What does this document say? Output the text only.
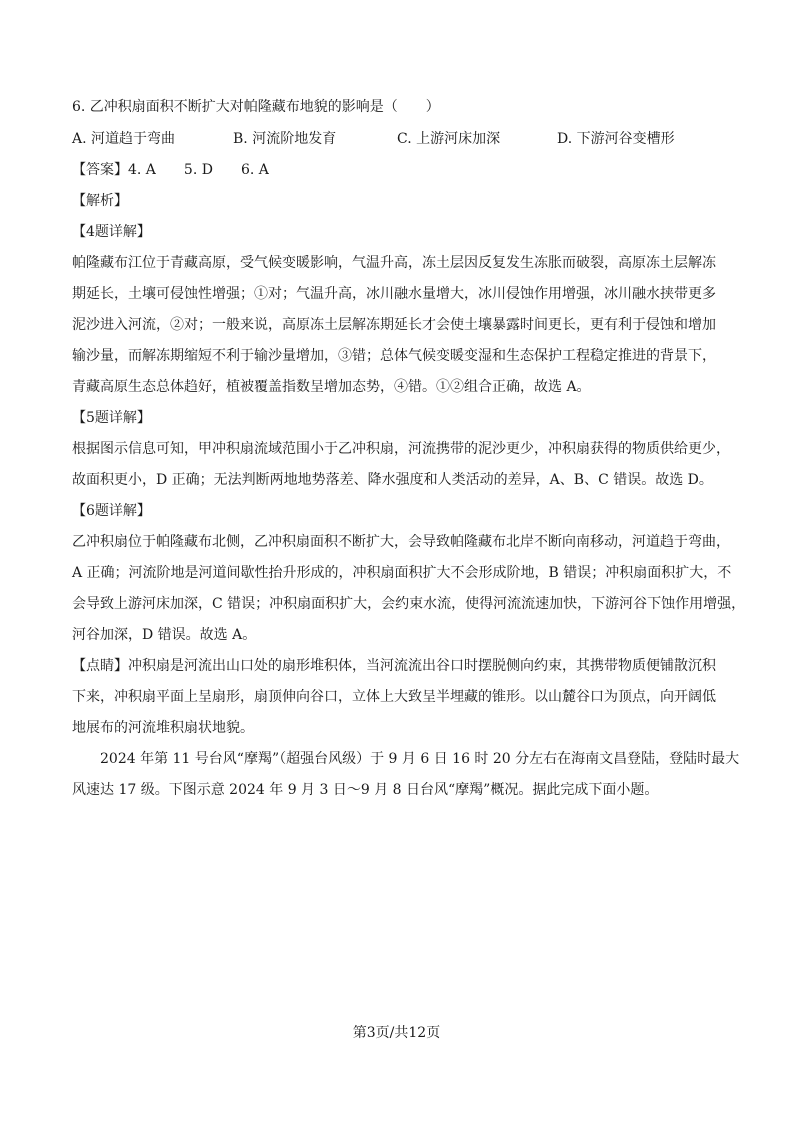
6. 乙冲积扇面积不断扩大对帕隆藏布地貌的影响是（　　）

A. 河道趋于弯曲	B. 河流阶地发育	C. 上游河床加深	D. 下游河谷变槽形

【答案】4. A　　5. D　　6. A

【解析】

【4题详解】

帕隆藏布江位于青藏高原，受气候变暖影响，气温升高，冻土层因反复发生冻胀而破裂，高原冻土层解冻

期延长，土壤可侵蚀性增强；①对；气温升高，冰川融水量增大，冰川侵蚀作用增强，冰川融水挟带更多

泥沙进入河流，②对；一般来说，高原冻土层解冻期延长才会使土壤暴露时间更长，更有利于侵蚀和增加

输沙量，而解冻期缩短不利于输沙量增加，③错；总体气候变暖变湿和生态保护工程稳定推进的背景下，

青藏高原生态总体趋好，植被覆盖指数呈增加态势，④错。①②组合正确，故选 A。

【5题详解】

根据图示信息可知，甲冲积扇流域范围小于乙冲积扇，河流携带的泥沙更少，冲积扇获得的物质供给更少，

故面积更小，D 正确；无法判断两地地势落差、降水强度和人类活动的差异，A、B、C 错误。故选 D。

【6题详解】

乙冲积扇位于帕隆藏布北侧，乙冲积扇面积不断扩大，会导致帕隆藏布北岸不断向南移动，河道趋于弯曲，

A 正确；河流阶地是河道间歇性抬升形成的，冲积扇面积扩大不会形成阶地，B 错误；冲积扇面积扩大，不

会导致上游河床加深，C 错误；冲积扇面积扩大，会约束水流，使得河流流速加快，下游河谷下蚀作用增强，

河谷加深，D 错误。故选 A。

【点睛】冲积扇是河流出山口处的扇形堆积体，当河流流出谷口时摆脱侧向约束，其携带物质便铺散沉积

下来，冲积扇平面上呈扇形，扇顶伸向谷口，立体上大致呈半埋藏的锥形。以山麓谷口为顶点，向开阔低

地展布的河流堆积扇状地貌。

2024 年第 11 号台风“摩羯”（超强台风级）于 9 月 6 日 16 时 20 分左右在海南文昌登陆，登陆时最大

风速达 17 级。下图示意 2024 年 9 月 3 日～9 月 8 日台风“摩羯”概况。据此完成下面小题。

第3页/共12页
